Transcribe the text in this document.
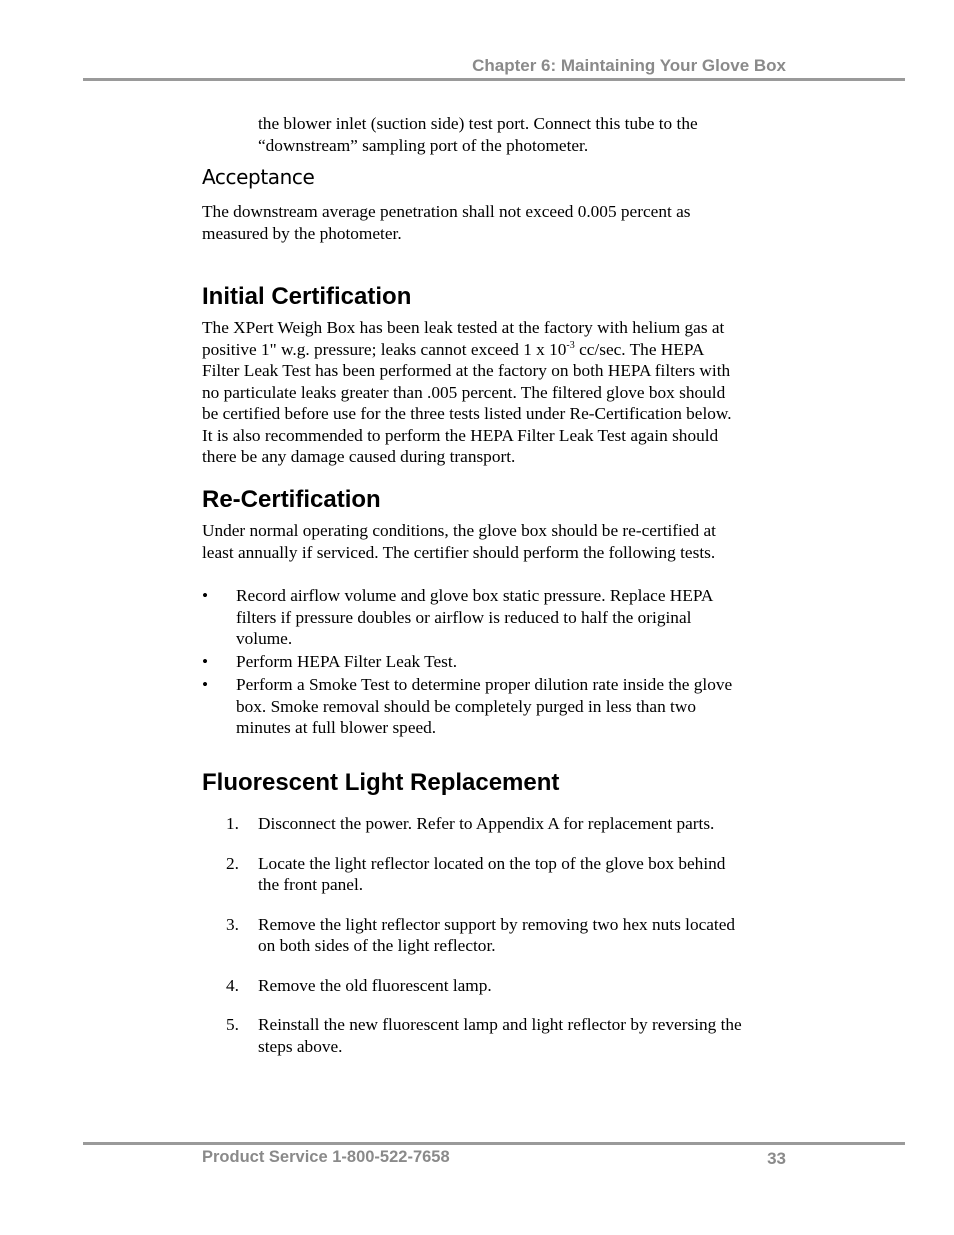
Chapter 6: Maintaining Your Glove Box
the blower inlet (suction side) test port. Connect this tube to the
“downstream” sampling port of the photometer.
Acceptance
The downstream average penetration shall not exceed 0.005 percent as
measured by the photometer.
Initial Certification
The XPert Weigh Box has been leak tested at the factory with helium gas at
positive 1" w.g. pressure; leaks cannot exceed 1 x $10^{-3}$ cc/sec. The HEPA
Filter Leak Test has been performed at the factory on both HEPA filters with
no particulate leaks greater than .005 percent. The filtered glove box should
be certified before use for the three tests listed under Re-Certification below.
It is also recommended to perform the HEPA Filter Leak Test again should
there be any damage caused during transport.
Re-Certification
Under normal operating conditions, the glove box should be re-certified at
least annually if serviced. The certifier should perform the following tests.
• Record airflow volume and glove box static pressure. Replace HEPA
filters if pressure doubles or airflow is reduced to half the original
volume.
• Perform HEPA Filter Leak Test.
• Perform a Smoke Test to determine proper dilution rate inside the glove
box. Smoke removal should be completely purged in less than two
minutes at full blower speed.
Fluorescent Light Replacement
1. Disconnect the power. Refer to Appendix A for replacement parts.
2. Locate the light reflector located on the top of the glove box behind
the front panel.
3. Remove the light reflector support by removing two hex nuts located
on both sides of the light reflector.
4. Remove the old fluorescent lamp.
5. Reinstall the new fluorescent lamp and light reflector by reversing the
steps above.
Product Service 1-800-522-7658	33
